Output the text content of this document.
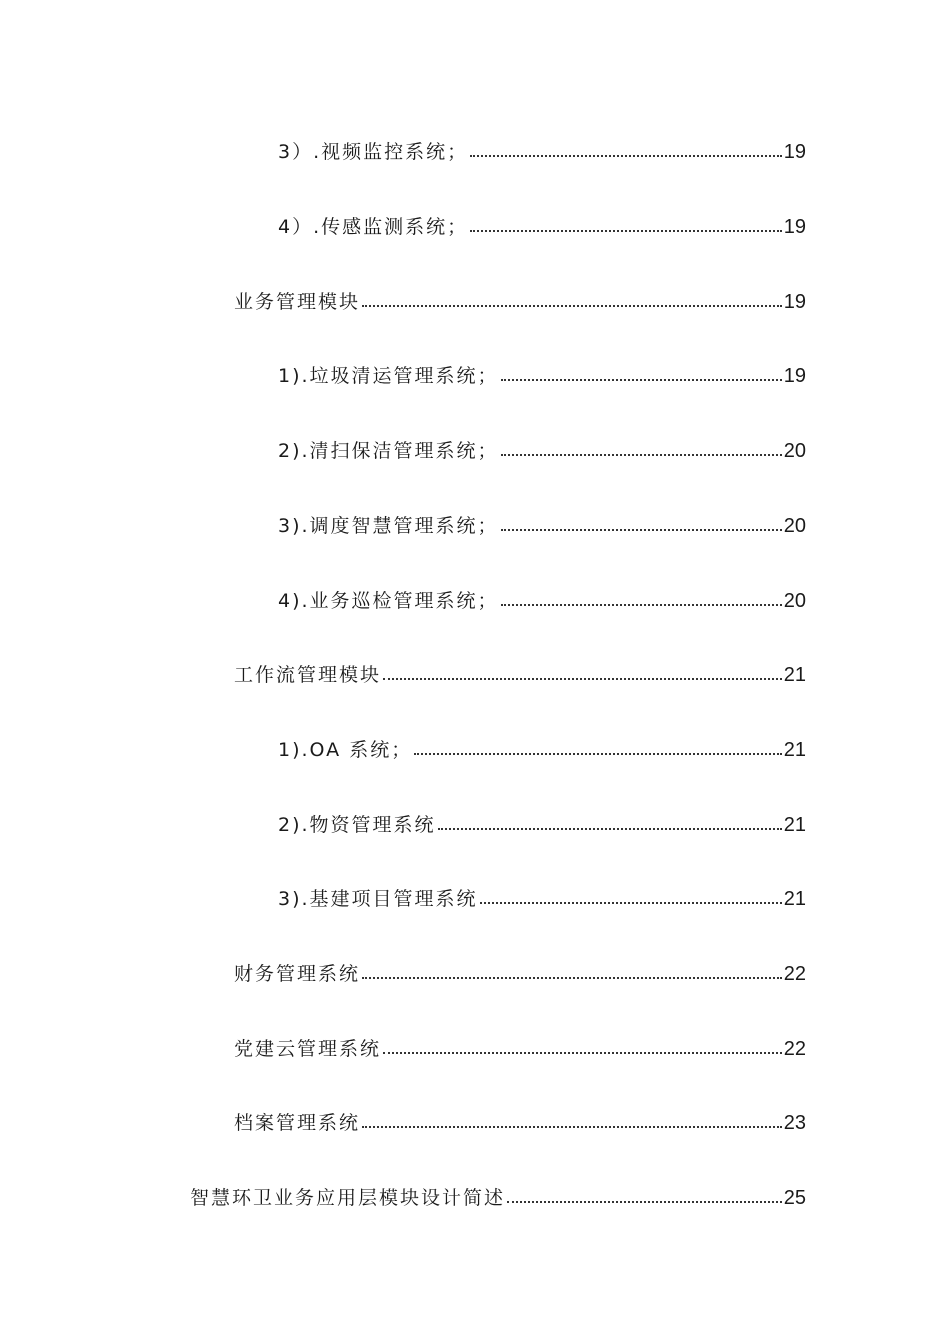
3）.视频监控系统；	19
4）.传感监测系统；	19
业务管理模块	19
1).垃圾清运管理系统；	19
2).清扫保洁管理系统；	20
3).调度智慧管理系统；	20
4).业务巡检管理系统；	20
工作流管理模块	21
1).OA 系统；	21
2).物资管理系统	21
3).基建项目管理系统	21
财务管理系统	22
党建云管理系统	22
档案管理系统	23
智慧环卫业务应用层模块设计简述	25
